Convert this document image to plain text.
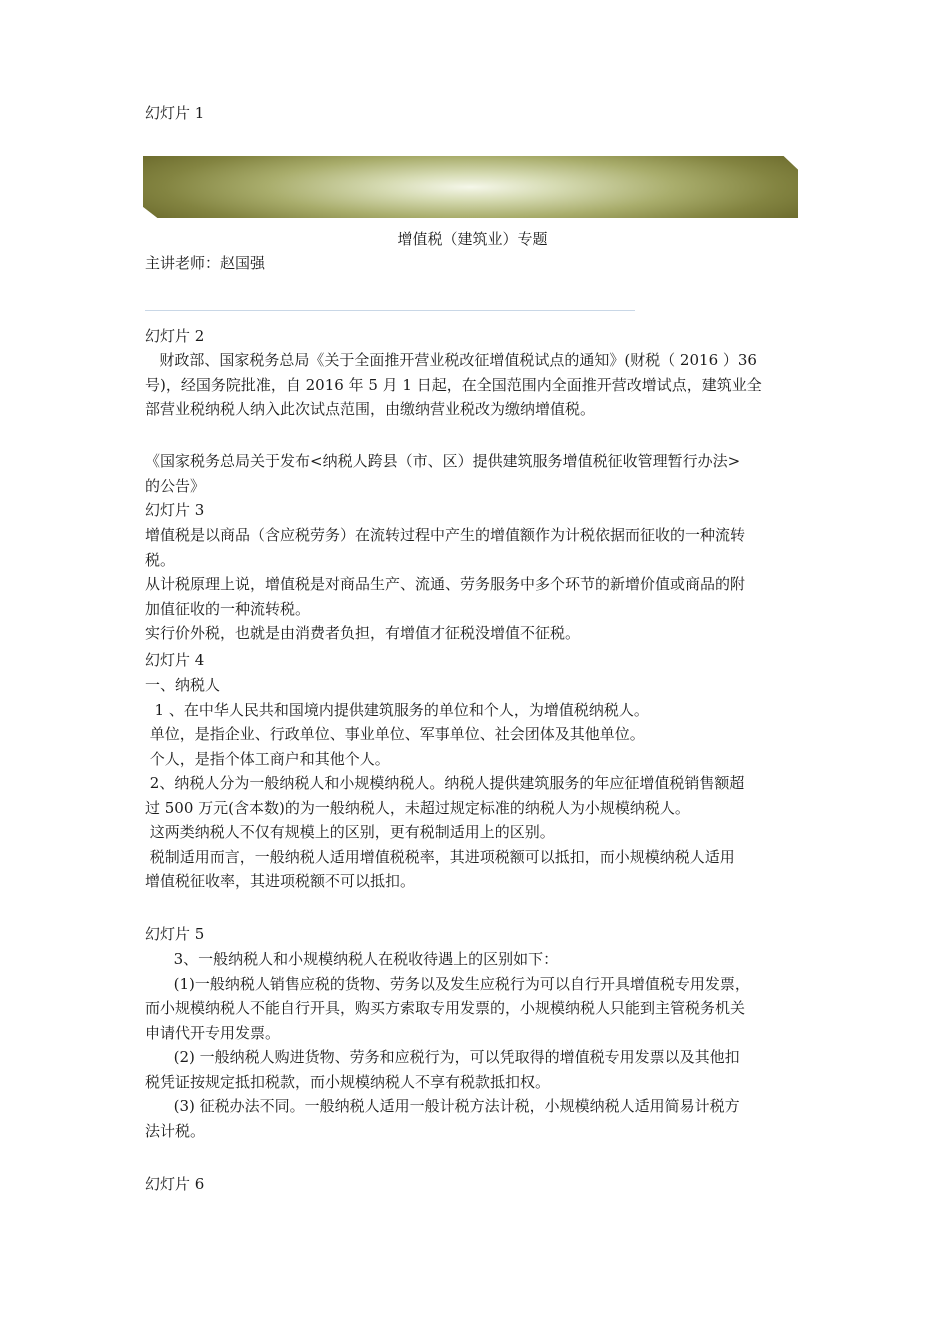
幻灯片 1
增值税（建筑业）专题
主讲老师：赵国强
幻灯片 2
财政部、国家税务总局《关于全面推开营业税改征增值税试点的通知》(财税（ 2016 ）36
号)，经国务院批准，自 2016 年 5 月 1 日起，在全国范围内全面推开营改增试点，建筑业全
部营业税纳税人纳入此次试点范围，由缴纳营业税改为缴纳增值税。
《国家税务总局关于发布<纳税人跨县（市、区）提供建筑服务增值税征收管理暂行办法>
的公告》
幻灯片 3
增值税是以商品（含应税劳务）在流转过程中产生的增值额作为计税依据而征收的一种流转
税。
从计税原理上说，增值税是对商品生产、流通、劳务服务中多个环节的新增价值或商品的附
加值征收的一种流转税。
实行价外税，也就是由消费者负担，有增值才征税没增值不征税。
幻灯片 4
一、纳税人
1 、在中华人民共和国境内提供建筑服务的单位和个人，为增值税纳税人。
单位，是指企业、行政单位、事业单位、军事单位、社会团体及其他单位。
个人，是指个体工商户和其他个人。
2、纳税人分为一般纳税人和小规模纳税人。纳税人提供建筑服务的年应征增值税销售额超
过 500 万元(含本数)的为一般纳税人，未超过规定标准的纳税人为小规模纳税人。
这两类纳税人不仅有规模上的区别，更有税制适用上的区别。
税制适用而言，一般纳税人适用增值税税率，其进项税额可以抵扣，而小规模纳税人适用
增值税征收率，其进项税额不可以抵扣。
幻灯片 5
3、一般纳税人和小规模纳税人在税收待遇上的区别如下：
(1)一般纳税人销售应税的货物、劳务以及发生应税行为可以自行开具增值税专用发票，
而小规模纳税人不能自行开具，购买方索取专用发票的，小规模纳税人只能到主管税务机关
申请代开专用发票。
(2) 一般纳税人购进货物、劳务和应税行为，可以凭取得的增值税专用发票以及其他扣
税凭证按规定抵扣税款，而小规模纳税人不享有税款抵扣权。
(3) 征税办法不同。一般纳税人适用一般计税方法计税，小规模纳税人适用简易计税方
法计税。
幻灯片 6
